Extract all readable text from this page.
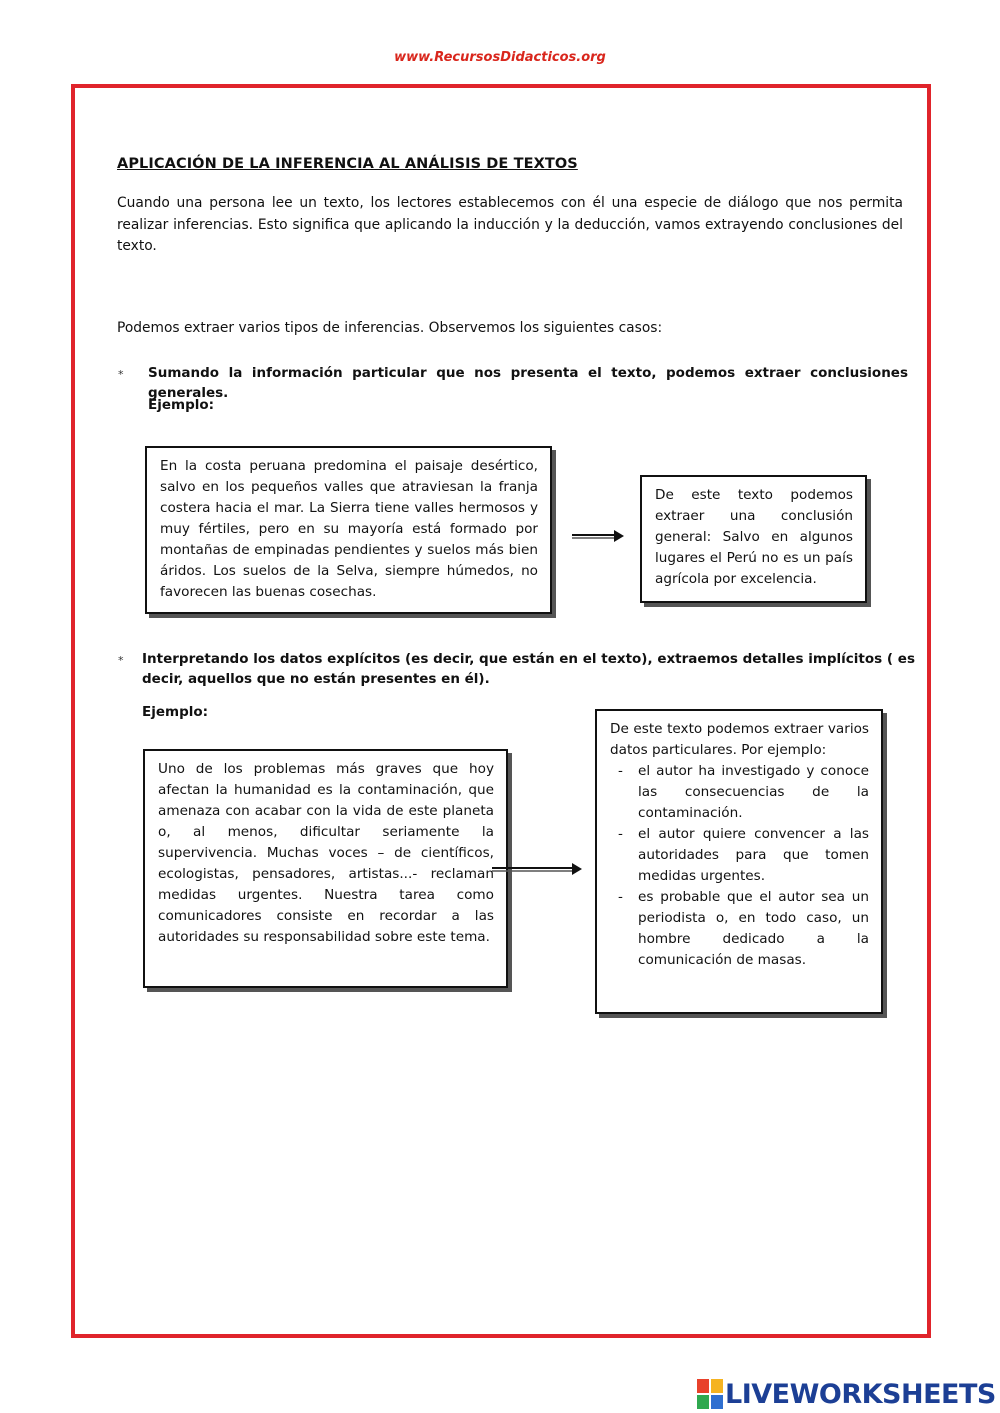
www.RecursosDidacticos.org
APLICACIÓN DE LA INFERENCIA AL ANÁLISIS DE TEXTOS
Cuando una persona lee un texto, los lectores establecemos con él una especie de diálogo que nos permita realizar inferencias. Esto significa que aplicando la inducción y la deducción, vamos extrayendo conclusiones del texto.
Podemos extraer varios tipos de inferencias. Observemos los siguientes casos:
* Sumando la información particular que nos presenta el texto, podemos extraer conclusiones generales.
Ejemplo:
En la costa peruana predomina el paisaje desértico, salvo en los pequeños valles que atraviesan la franja costera hacia el mar. La Sierra tiene valles hermosos y muy fértiles, pero en su mayoría está formado por montañas de empinadas pendientes y suelos más bien áridos. Los suelos de la Selva, siempre húmedos, no favorecen las buenas cosechas.
De este texto podemos extraer una conclusión general: Salvo en algunos lugares el Perú no es un país agrícola por excelencia.
* Interpretando los datos explícitos (es decir, que están en el texto), extraemos detalles implícitos ( es decir, aquellos que no están presentes en él).
Ejemplo:
Uno de los problemas más graves que hoy afectan la humanidad es la contaminación, que amenaza con acabar con la vida de este planeta o, al menos, dificultar seriamente la supervivencia. Muchas voces – de científicos, ecologistas, pensadores, artistas...- reclaman medidas urgentes. Nuestra tarea como comunicadores consiste en recordar a las autoridades su responsabilidad sobre este tema.
De este texto podemos extraer varios datos particulares. Por ejemplo:
- el autor ha investigado y conoce las consecuencias de la contaminación.
- el autor quiere convencer a las autoridades para que tomen medidas urgentes.
- es probable que el autor sea un periodista o, en todo caso, un hombre dedicado a la comunicación de masas.
LIVEWORKSHEETS
